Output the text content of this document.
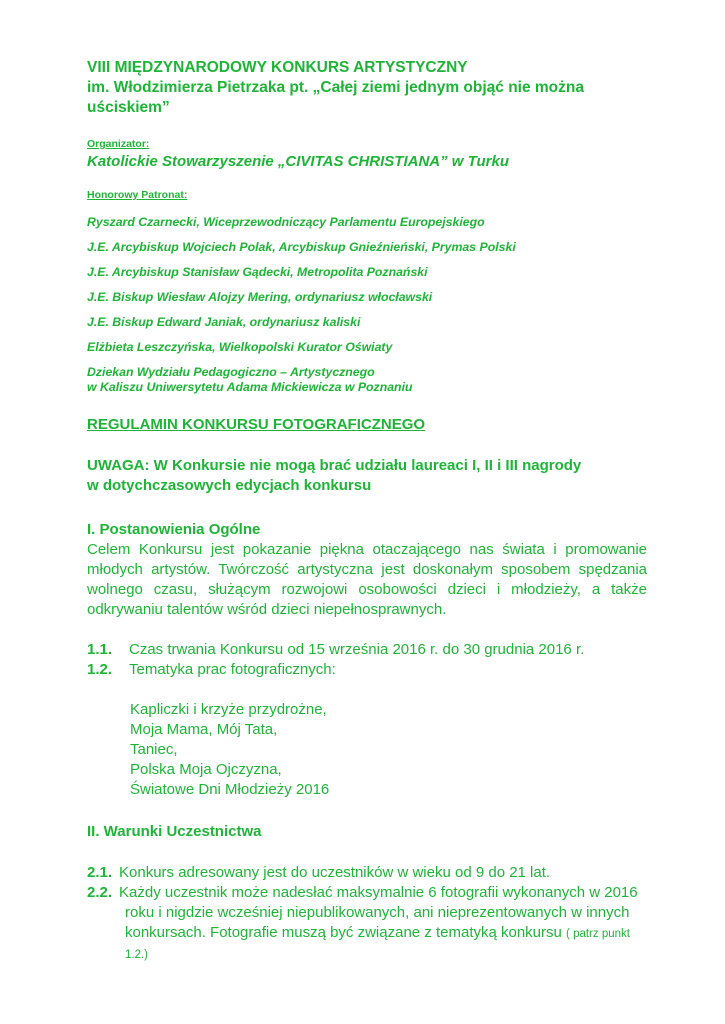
VIII MIĘDZYNARODOWY KONKURS ARTYSTYCZNY
im. Włodzimierza Pietrzaka pt. „Całej ziemi jednym objąć nie można uściskiem”
Organizator:
Katolickie Stowarzyszenie „CIVITAS CHRISTIANA” w Turku
Honorowy Patronat:
Ryszard Czarnecki, Wiceprzewodniczący Parlamentu Europejskiego
J.E. Arcybiskup Wojciech Polak, Arcybiskup Gnieźnieński, Prymas Polski
J.E. Arcybiskup Stanisław Gądecki, Metropolita Poznański
J.E. Biskup Wiesław Alojzy Mering, ordynariusz włocławski
J.E. Biskup Edward Janiak, ordynariusz kaliski
Elżbieta Leszczyńska, Wielkopolski Kurator Oświaty
Dziekan Wydziału Pedagogiczno – Artystycznego
w Kaliszu Uniwersytetu Adama Mickiewicza w Poznaniu
REGULAMIN KONKURSU FOTOGRAFICZNEGO
UWAGA: W Konkursie nie mogą brać udziału laureaci I, II i III nagrody
w dotychczasowych edycjach konkursu
I. Postanowienia Ogólne
Celem Konkursu jest pokazanie piękna otaczającego nas świata i promowanie młodych artystów. Twórczość artystyczna jest doskonałym sposobem spędzania wolnego czasu, służącym rozwojowi osobowości dzieci i młodzieży, a także odkrywaniu talentów wśród dzieci niepełnosprawnych.
1.1.	Czas trwania Konkursu od 15 września 2016 r. do 30 grudnia 2016 r.
1.2.	Tematyka prac fotograficznych:
Kapliczki i krzyże przydrożne,
Moja Mama, Mój Tata,
Taniec,
Polska Moja Ojczyzna,
Światowe Dni Młodzieży 2016
II. Warunki Uczestnictwa
2.1. Konkurs adresowany jest do uczestników w wieku od 9 do 21 lat.
2.2. Każdy uczestnik może nadesłać maksymalnie 6 fotografii wykonanych w 2016
roku i nigdzie wcześniej niepublikowanych, ani nieprezentowanych w innych
konkursach. Fotografie muszą być związane z tematyką konkursu ( patrz punkt 1.2.)
